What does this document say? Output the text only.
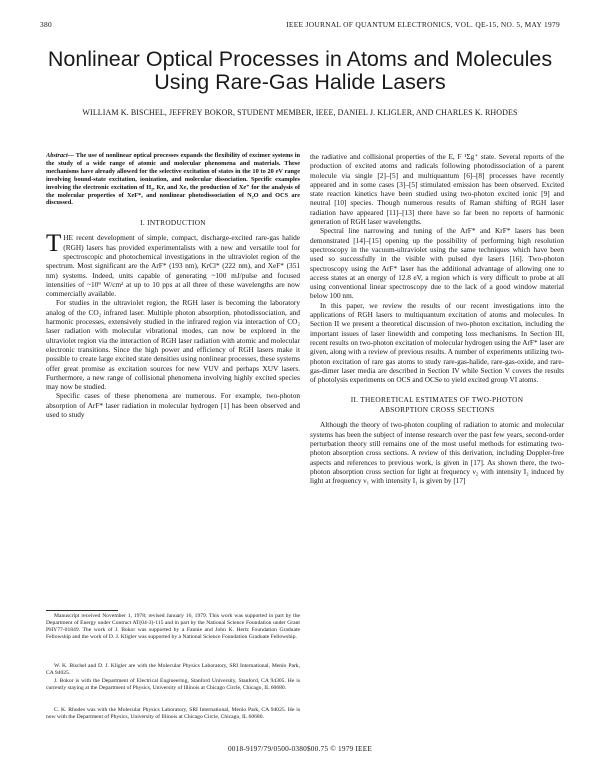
380	IEEE JOURNAL OF QUANTUM ELECTRONICS, VOL. QE-15, NO. 5, MAY 1979
Nonlinear Optical Processes in Atoms and Molecules Using Rare-Gas Halide Lasers
WILLIAM K. BISCHEL, JEFFREY BOKOR, STUDENT MEMBER, IEEE, DANIEL J. KLIGLER, AND CHARLES K. RHODES

Abstract— The use of nonlinear optical processes expands the flexibility of excimer systems in the study of a wide range of atomic and molecular phenomena and materials. These mechanisms have already allowed for the selective excitation of states in the 10 to 20 eV range involving bound-state excitation, ionization, and molecular dissociation. Specific examples involving the electronic excitation of H₂, Kr, and Xe, the production of Xe⁺ for the analysis of the molecular properties of XeF*, and nonlinear photodissociation of N₂O and OCS are discussed.

I. INTRODUCTION

T HE recent development of simple, compact, discharge-excited rare-gas halide (RGH) lasers has provided experimentalists with a new and versatile tool for spectroscopic and photochemical investigations in the ultraviolet region of the spectrum. Most significant are the ArF* (193 nm), KrCl* (222 nm), and XeF* (351 nm) systems. Indeed, units capable of generating ~100 mJ/pulse and focused intensities of ~10⁹ W/cm² at up to 10 pps at all three of these wavelengths are now commercially available.

For studies in the ultraviolet region, the RGH laser is becoming the laboratory analog of the CO₂ infrared laser. Multiple photon absorption, photodissociation, and harmonic processes, extensively studied in the infrared region via interaction of CO₂ laser radiation with molecular vibrational modes, can now be explored in the ultraviolet region via the interaction of RGH laser radiation with atomic and molecular electronic transitions. Since the high power and efficiency of RGH lasers make it possible to create large excited state densities using nonlinear processes, these systems offer great promise as excitation sources for new VUV and perhaps XUV lasers. Furthermore, a new range of collisional phenomena involving highly excited species may now be studied.

Specific cases of these phenomena are numerous. For example, two-photon absorption of ArF* laser radiation in molecular hydrogen [1] has been observed and used to study

Manuscript received November 1, 1978; revised January 16, 1979. This work was supported in part by the Department of Energy under Contract AT(04-3)-115 and in part by the National Science Foundation under Grant PHY77-01849. The work of J. Bokor was supported by a Fannie and John K. Hertz Foundation Graduate Fellowship and the work of D. J. Kligler was supported by a National Science Foundation Graduate Fellowship.

W. K. Bischel and D. J. Kligler are with the Molecular Physics Laboratory, SRI International, Menlo Park, CA 94025.

J. Bokor is with the Department of Electrical Engineering, Stanford University, Stanford, CA 94305. He is currently staying at the Department of Physics, University of Illinois at Chicago Circle, Chicago, IL 60680.

C. K. Rhodes was with the Molecular Physics Laboratory, SRI International, Menlo Park, CA 94025. He is now with the Department of Physics, University of Illinois at Chicago Circle, Chicago, IL 60680.

the radiative and collisional properties of the E, F ¹Σg⁺ state. Several reports of the production of excited atoms and radicals following photodissociation of a parent molecule via single [2]–[5] and multiquantum [6]–[8] processes have recently appeared and in some cases [3]–[5] stimulated emission has been observed. Excited state reaction kinetics have been studied using two-photon excited ionic [9] and neutral [10] species. Though numerous results of Raman shifting of RGH laser radiation have appeared [11]–[13] there have so far been no reports of harmonic generation of RGH laser wavelengths.

Spectral line narrowing and tuning of the ArF* and KrF* lasers has been demonstrated [14]–[15] opening up the possibility of performing high resolution spectroscopy in the vacuum-ultraviolet using the same techniques which have been used so successfully in the visible with pulsed dye lasers [16]. Two-photon spectroscopy using the ArF* laser has the additional advantage of allowing one to access states at an energy of 12.8 eV, a region which is very difficult to probe at all using conventional linear spectroscopy due to the lack of a good window material below 100 nm.

In this paper, we review the results of our recent investigations into the applications of RGH lasers to multiquantum excitation of atoms and molecules. In Section II we present a theoretical discussion of two-photon excitation, including the important issues of laser linewidth and competing loss mechanisms. In Section III, recent results on two-photon excitation of molecular hydrogen using the ArF* laser are given, along with a review of previous results. A number of experiments utilizing two-photon excitation of rare gas atoms to study rare-gas-halide, rare-gas-oxide, and rare-gas-dimer laser media are described in Section IV while Section V covers the results of photolysis experiments on OCS and OCSe to yield excited group VI atoms.

II. THEORETICAL ESTIMATES OF TWO-PHOTON
ABSORPTION CROSS SECTIONS

Although the theory of two-photon coupling of radiation to atomic and molecular systems has been the subject of intense research over the past few years, second-order perturbation theory still remains one of the most useful methods for estimating two-photon absorption cross sections. A review of this derivation, including Doppler-free aspects and references to previous work, is given in [17]. As shown there, the two-photon absorption cross section for light at frequency ν₂ with intensity I₂ induced by light at frequency ν₁ with intensity I₁ is given by [17]

0018-9197/79/0500-0380$00.75 © 1979 IEEE
